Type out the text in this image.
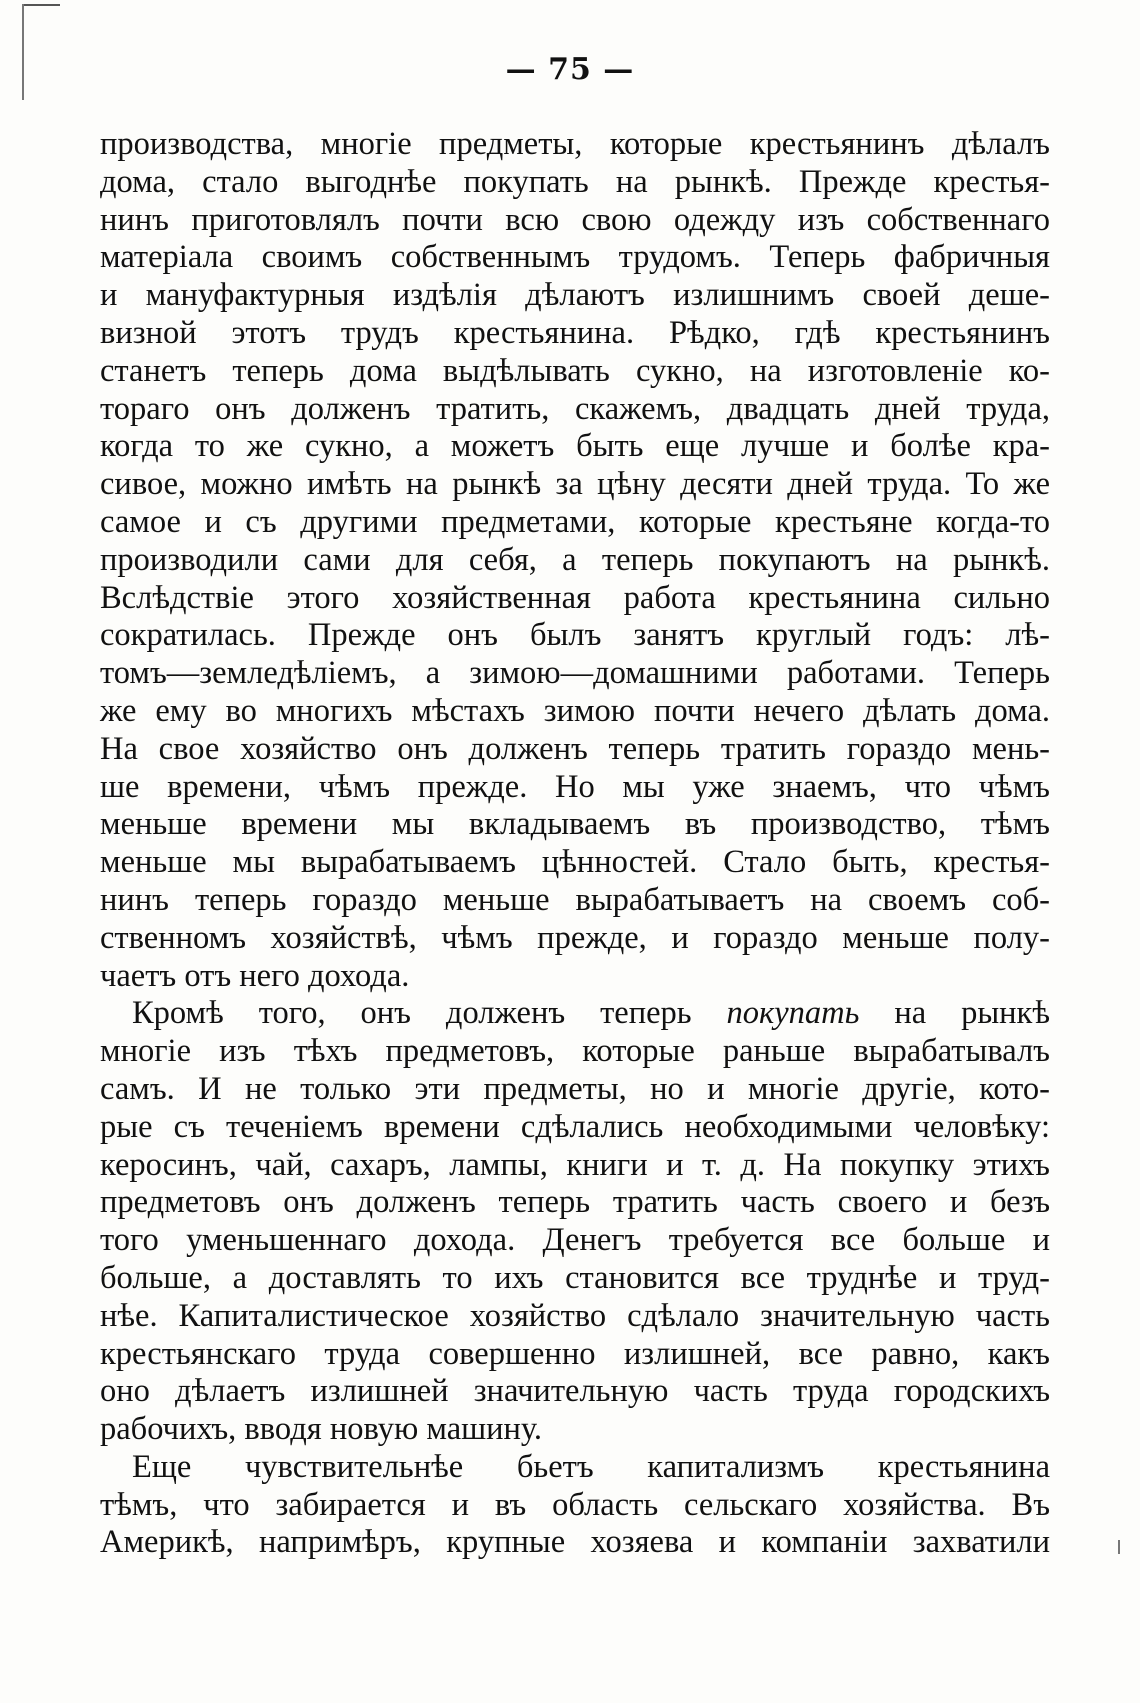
— 75 —
производства, многіе предметы, которые крестьянинъ дѣлалъ
дома, стало выгоднѣе покупать на рынкѣ. Прежде крестья-
нинъ приготовлялъ почти всю свою одежду изъ собственнаго
матеріала своимъ собственнымъ трудомъ. Теперь фабричныя
и мануфактурныя издѣлія дѣлаютъ излишнимъ своей деше-
визной этотъ трудъ крестьянина. Рѣдко, гдѣ крестьянинъ
станетъ теперь дома выдѣлывать сукно, на изготовленіе ко-
тораго онъ долженъ тратить, скажемъ, двадцать дней труда,
когда то же сукно, а можетъ быть еще лучше и болѣе кра-
сивое, можно имѣть на рынкѣ за цѣну десяти дней труда. То же
самое и съ другими предметами, которые крестьяне когда-то
производили сами для себя, а теперь покупаютъ на рынкѣ.
Вслѣдствіе этого хозяйственная работа крестьянина сильно
сократилась. Прежде онъ былъ занятъ круглый годъ: лѣ-
томъ—земледѣліемъ, а зимою—домашними работами. Теперь
же ему во многихъ мѣстахъ зимою почти нечего дѣлать дома.
На свое хозяйство онъ долженъ теперь тратить гораздо мень-
ше времени, чѣмъ прежде. Но мы уже знаемъ, что чѣмъ
меньше времени мы вкладываемъ въ производство, тѣмъ
меньше мы вырабатываемъ цѣнностей. Стало быть, крестья-
нинъ теперь гораздо меньше вырабатываетъ на своемъ соб-
ственномъ хозяйствѣ, чѣмъ прежде, и гораздо меньше полу-
чаетъ отъ него дохода.
Кромѣ того, онъ долженъ теперь покупать на рынкѣ
многіе изъ тѣхъ предметовъ, которые раньше вырабатывалъ
самъ. И не только эти предметы, но и многіе другіе, кото-
рые съ теченіемъ времени сдѣлались необходимыми человѣку:
керосинъ, чай, сахаръ, лампы, книги и т. д. На покупку этихъ
предметовъ онъ долженъ теперь тратить часть своего и безъ
того уменьшеннаго дохода. Денегъ требуется все больше и
больше, а доставлять то ихъ становится все труднѣе и труд-
нѣе. Капиталистическое хозяйство сдѣлало значительную часть
крестьянскаго труда совершенно излишней, все равно, какъ
оно дѣлаетъ излишней значительную часть труда городскихъ
рабочихъ, вводя новую машину.
Еще чувствительнѣе бьетъ капитализмъ крестьянина
тѣмъ, что забирается и въ область сельскаго хозяйства. Въ
Америкѣ, напримѣръ, крупные хозяева и компаніи захватили
